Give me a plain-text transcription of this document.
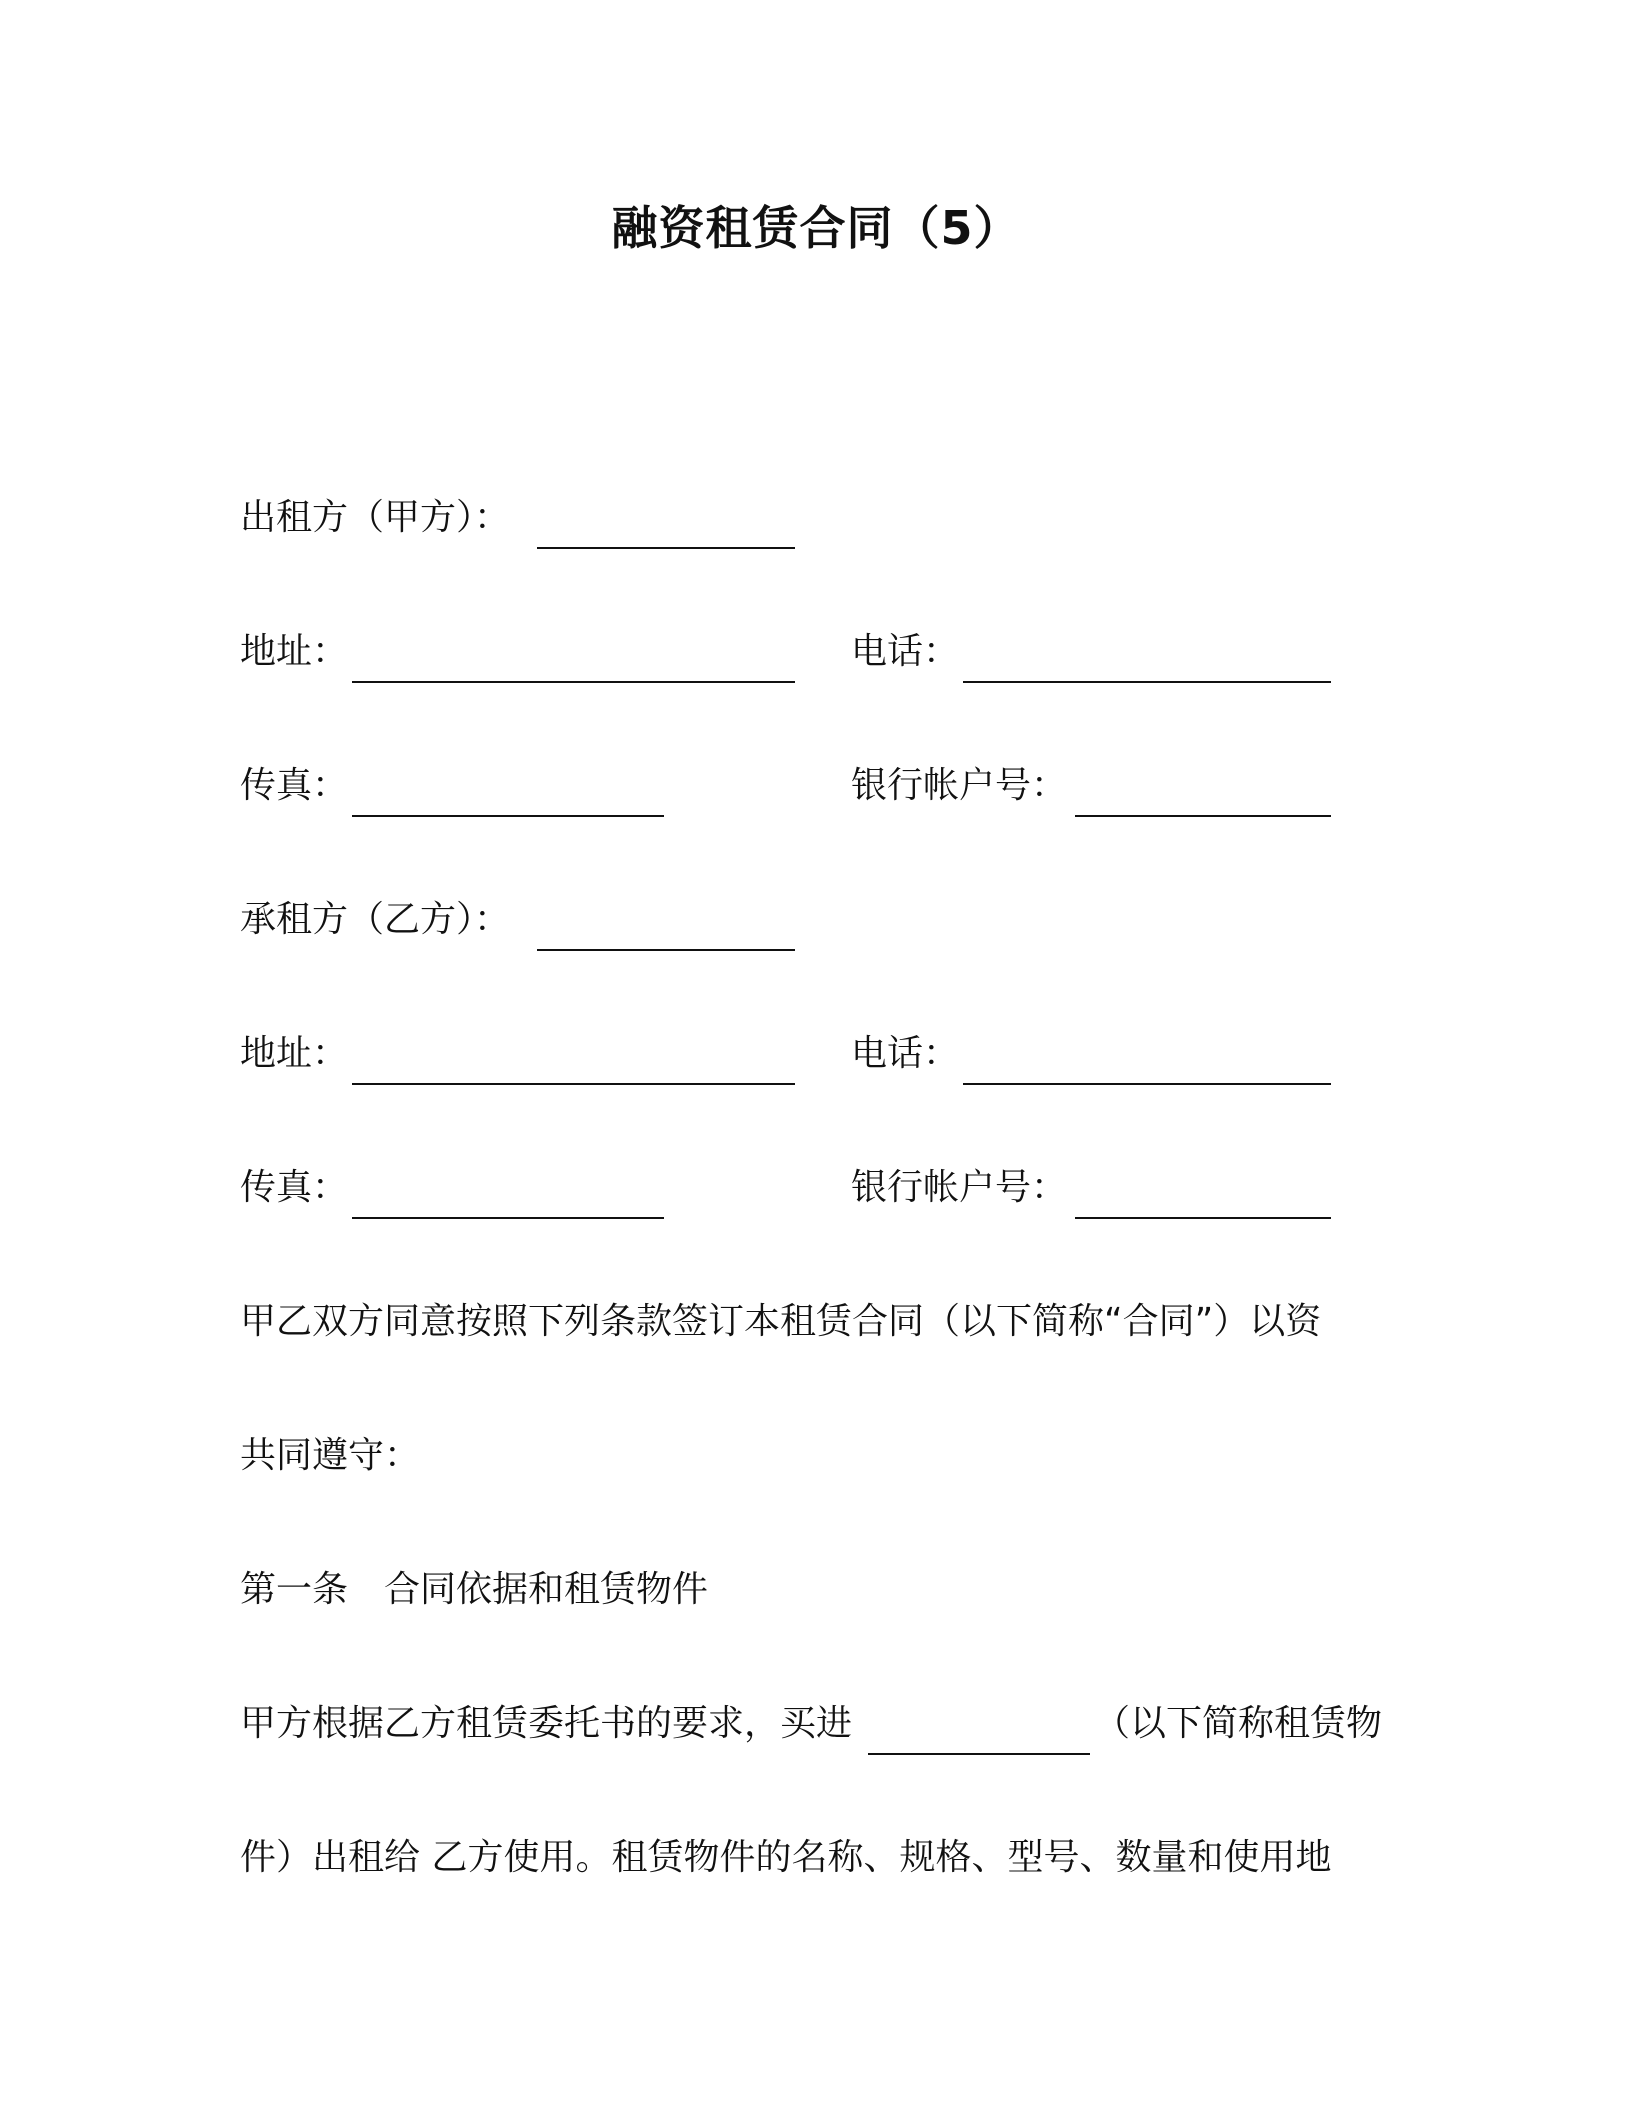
融资租赁合同（5）
出租方（甲方）：
地址：	电话：
传真：	银行帐户号：
承租方（乙方）：
地址：	电话：
传真：	银行帐户号：
甲乙双方同意按照下列条款签订本租赁合同（以下简称“合同”）以资
共同遵守：
第一条　合同依据和租赁物件
甲方根据乙方租赁委托书的要求，买进	（以下简称租赁物
件）出租给 乙方使用。租赁物件的名称、规格、型号、数量和使用地
